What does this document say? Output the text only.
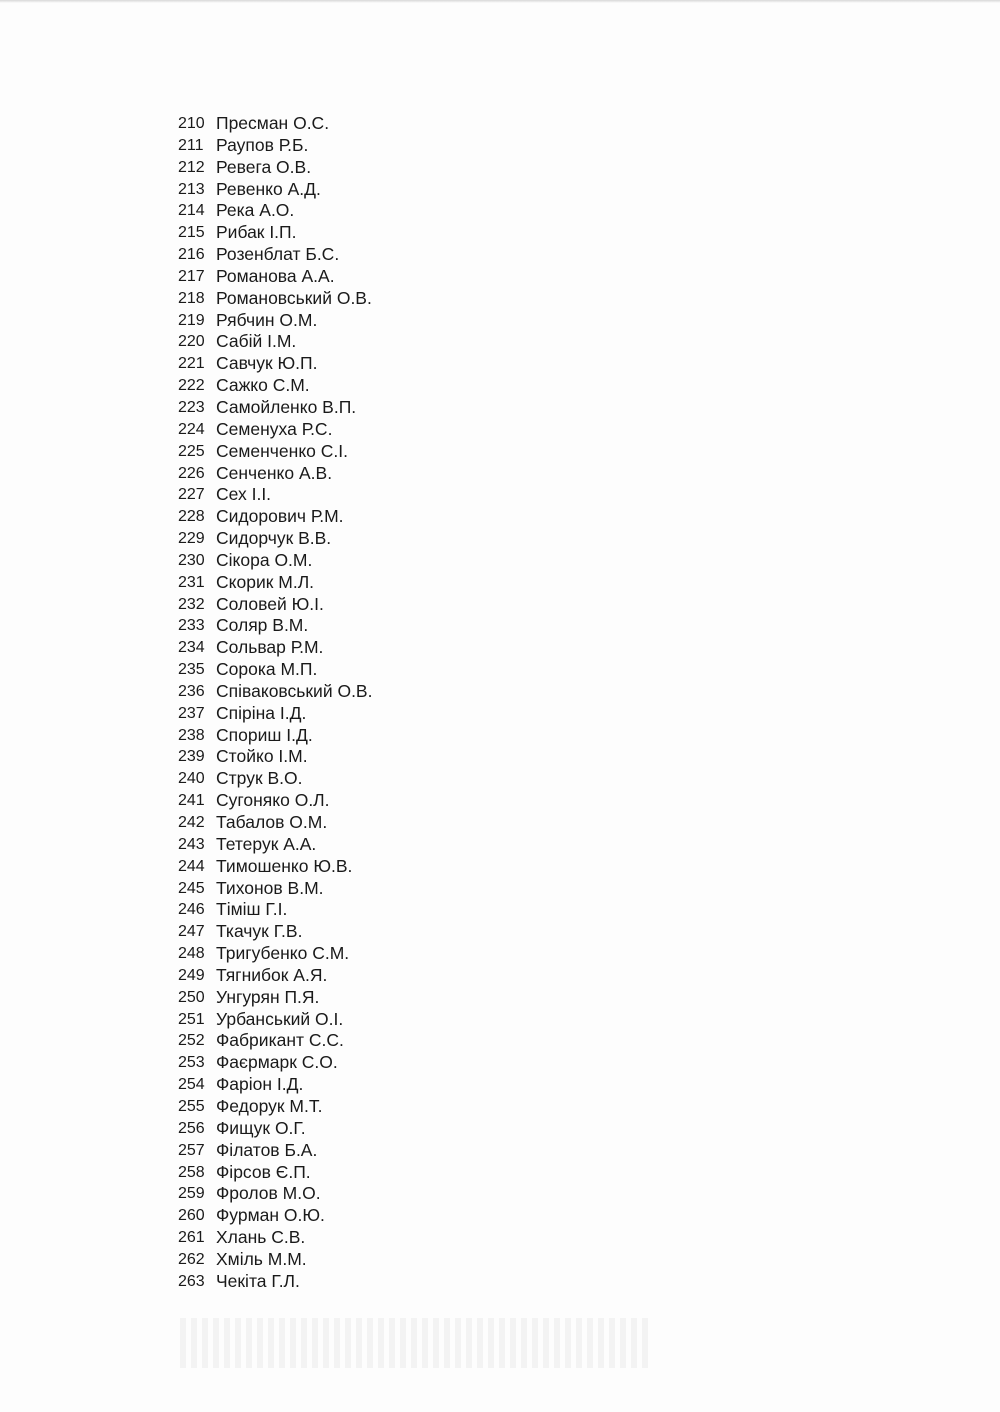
210 Пресман О.С.
211 Раупов Р.Б.
212 Ревега О.В.
213 Ревенко А.Д.
214 Река А.О.
215 Рибак І.П.
216 Розенблат Б.С.
217 Романова А.А.
218 Романовський О.В.
219 Рябчин О.М.
220 Сабій І.М.
221 Савчук Ю.П.
222 Сажко С.М.
223 Самойленко В.П.
224 Семенуха Р.С.
225 Семенченко С.І.
226 Сенченко А.В.
227 Сех І.І.
228 Сидорович Р.М.
229 Сидорчук В.В.
230 Сікора О.М.
231 Скорик М.Л.
232 Соловей Ю.І.
233 Соляр В.М.
234 Сольвар Р.М.
235 Сорока М.П.
236 Співаковський О.В.
237 Спіріна І.Д.
238 Спориш І.Д.
239 Стойко І.М.
240 Струк В.О.
241 Сугоняко О.Л.
242 Табалов О.М.
243 Тетерук А.А.
244 Тимошенко Ю.В.
245 Тихонов В.М.
246 Тіміш Г.І.
247 Ткачук Г.В.
248 Тригубенко С.М.
249 Тягнибок А.Я.
250 Унгурян П.Я.
251 Урбанський О.І.
252 Фабрикант С.С.
253 Фаєрмарк С.О.
254 Фаріон І.Д.
255 Федорук М.Т.
256 Фищук О.Г.
257 Філатов Б.А.
258 Фірсов Є.П.
259 Фролов М.О.
260 Фурман О.Ю.
261 Хлань С.В.
262 Хміль М.М.
263 Чекіта Г.Л.
